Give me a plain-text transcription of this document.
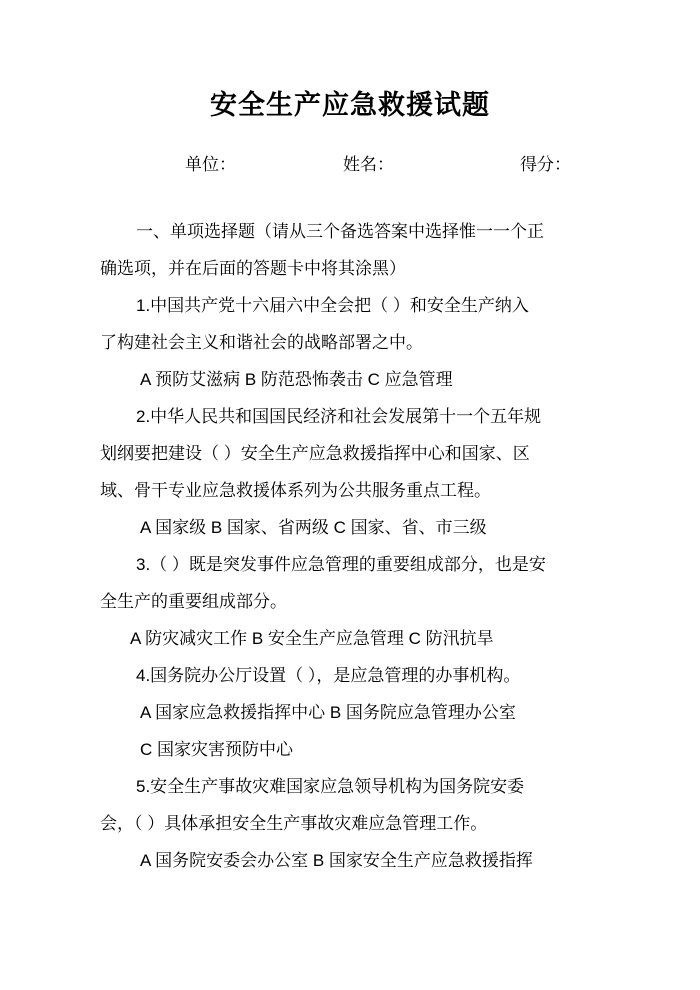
安全生产应急救援试题
单位：	姓名：	得分：
一、单项选择题（请从三个备选答案中选择惟一一个正
确选项，并在后面的答题卡中将其涂黑）
1.中国共产党十六届六中全会把（ ）和安全生产纳入
了构建社会主义和谐社会的战略部署之中。
A 预防艾滋病 B 防范恐怖袭击 C 应急管理
2.中华人民共和国国民经济和社会发展第十一个五年规
划纲要把建设（ ）安全生产应急救援指挥中心和国家、区
域、骨干专业应急救援体系列为公共服务重点工程。
A 国家级 B 国家、省两级 C 国家、省、市三级
3.（ ）既是突发事件应急管理的重要组成部分，也是安
全生产的重要组成部分。
A 防灾减灾工作 B 安全生产应急管理 C 防汛抗旱
4.国务院办公厅设置（ ），是应急管理的办事机构。
A 国家应急救援指挥中心 B 国务院应急管理办公室
C 国家灾害预防中心
5.安全生产事故灾难国家应急领导机构为国务院安委
会，（ ）具体承担安全生产事故灾难应急管理工作。
A 国务院安委会办公室 B 国家安全生产应急救援指挥
